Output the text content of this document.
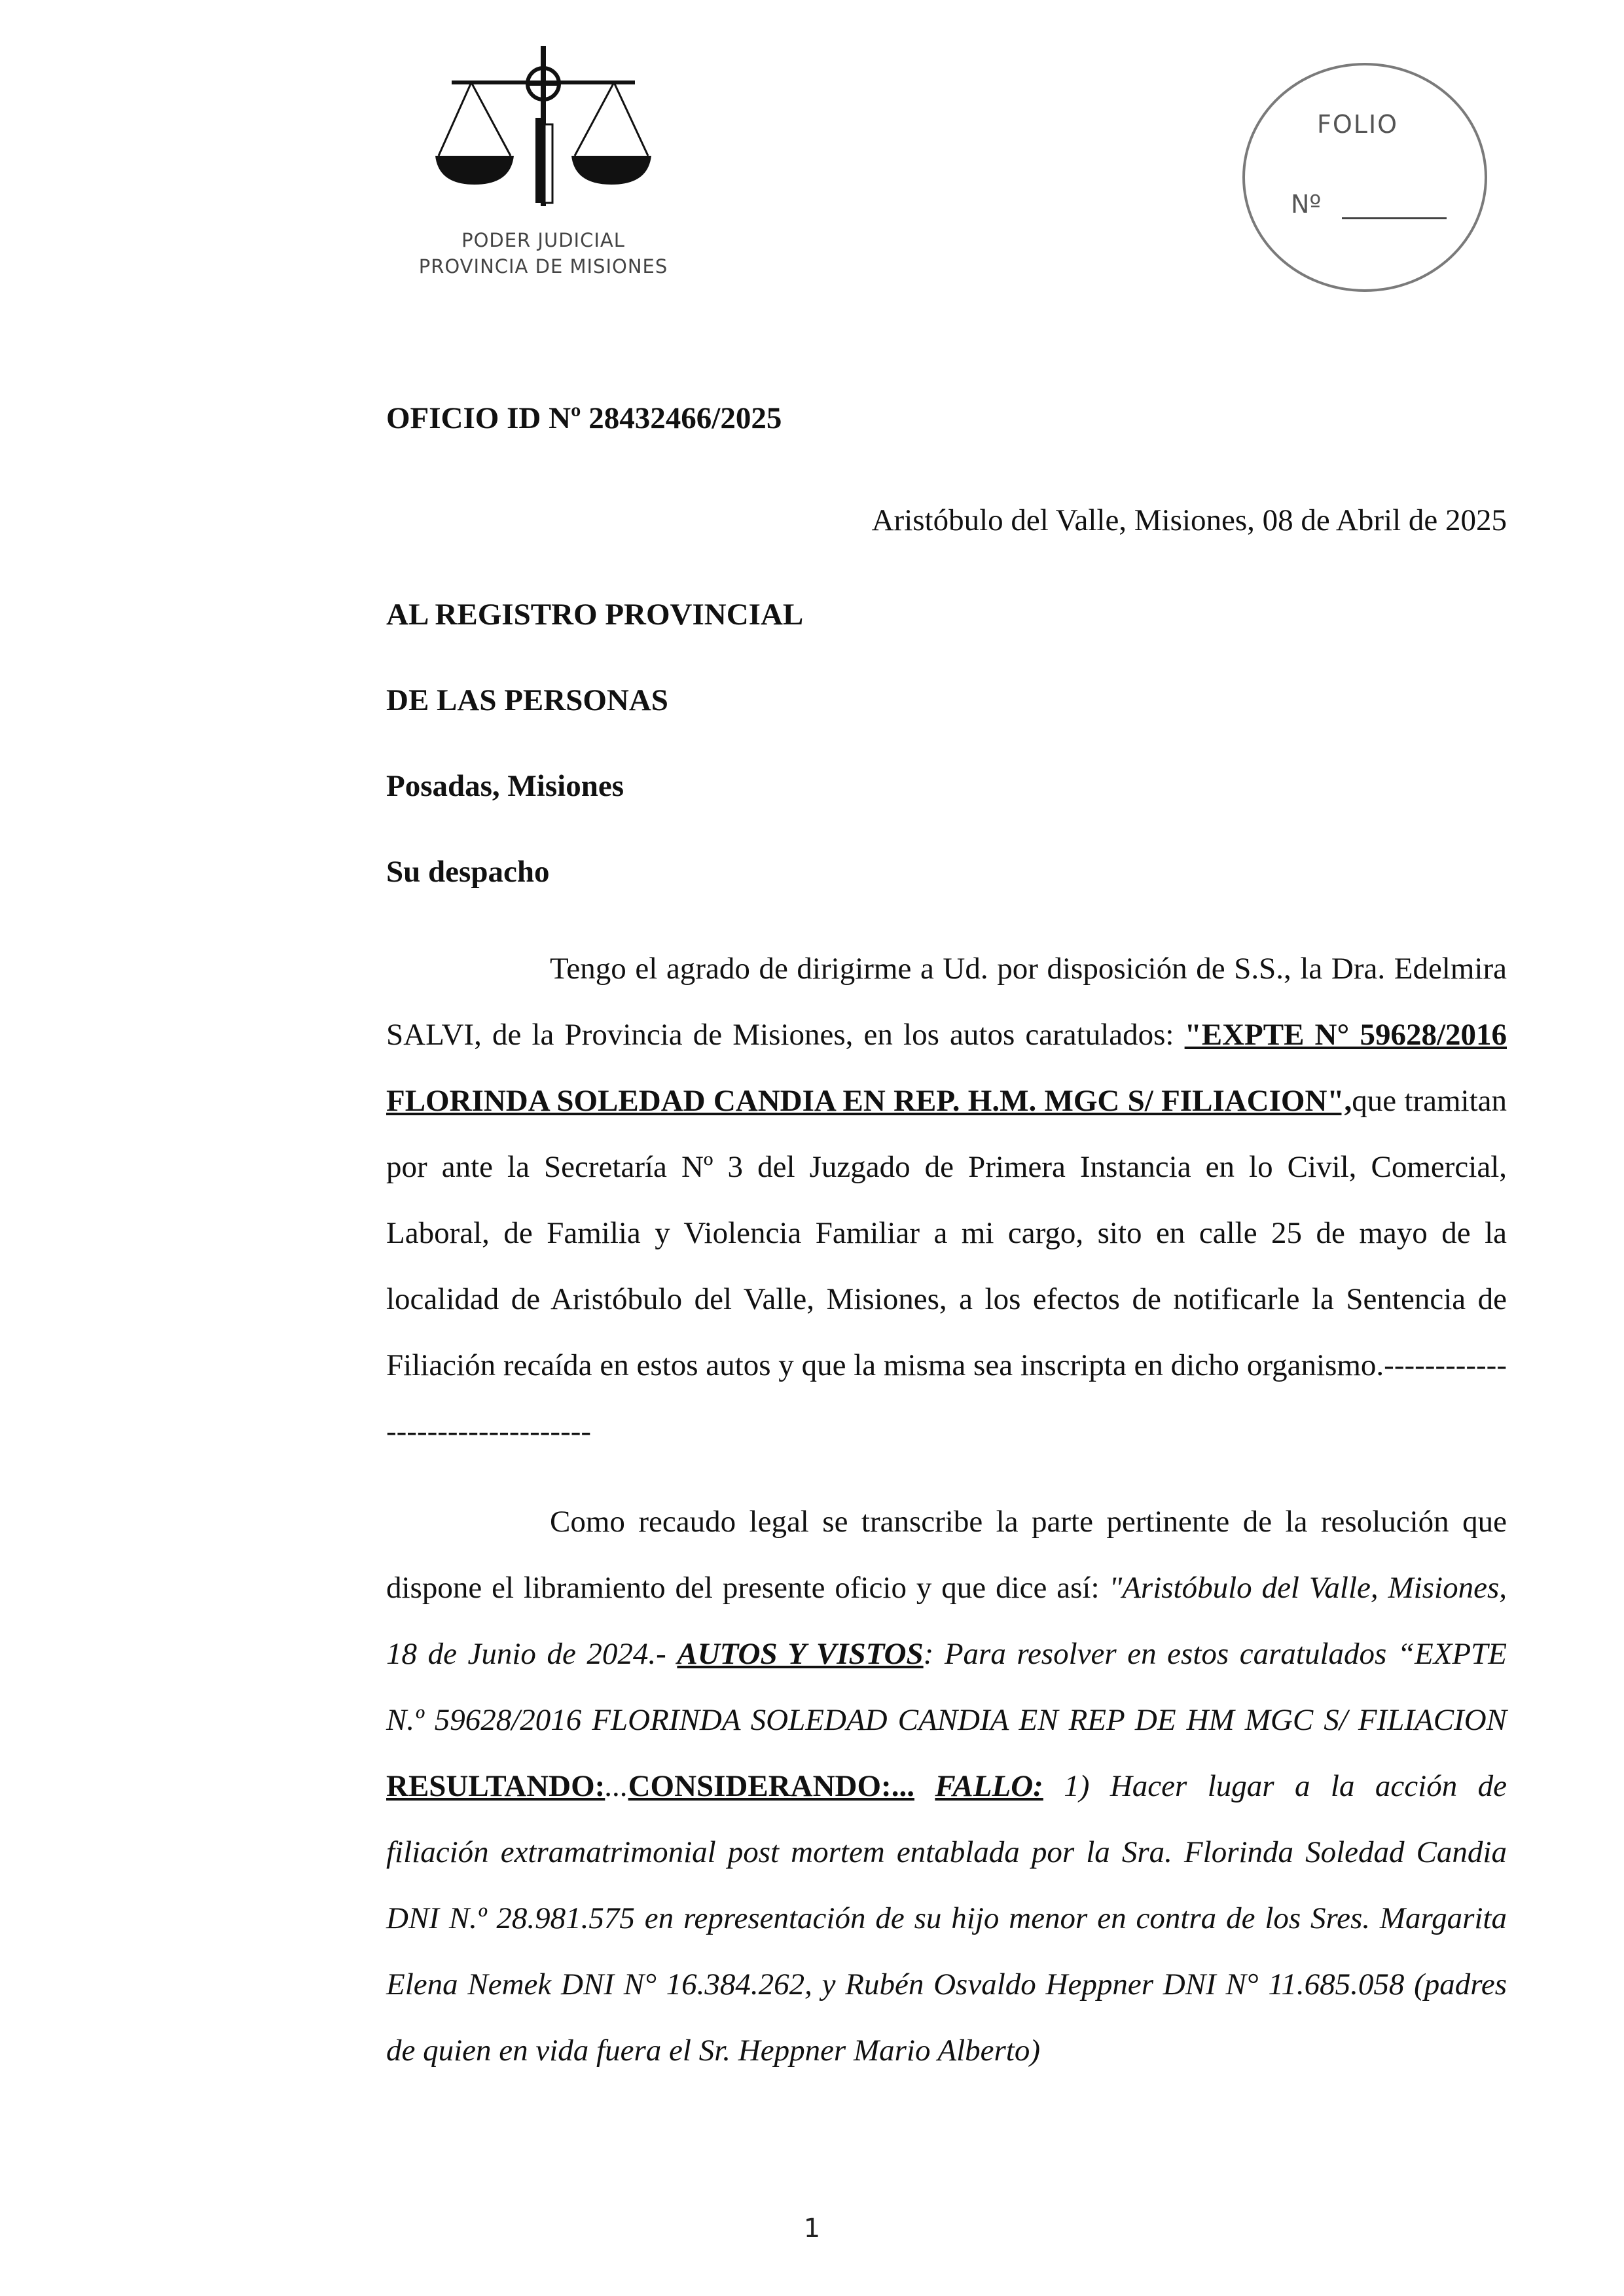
PODER JUDICIAL
PROVINCIA DE MISIONES
FOLIO
Nº
OFICIO ID Nº 28432466/2025
Aristóbulo del Valle, Misiones, 08 de Abril de 2025
AL REGISTRO PROVINCIAL
DE LAS PERSONAS
Posadas, Misiones
Su despacho
Tengo el agrado de dirigirme a Ud. por disposición de S.S., la Dra. Edelmira SALVI, de la Provincia de Misiones, en los autos caratulados: "EXPTE N° 59628/2016 FLORINDA SOLEDAD CANDIA EN REP. H.M. MGC S/ FILIACION",que tramitan por ante la Secretaría Nº 3 del Juzgado de Primera Instancia en lo Civil, Comercial, Laboral, de Familia y Violencia Familiar a mi cargo, sito en calle 25 de mayo de la localidad de Aristóbulo del Valle, Misiones, a los efectos de notificarle la Sentencia de Filiación recaída en estos autos y que la misma sea inscripta en dicho organismo.--------------------------------
Como recaudo legal se transcribe la parte pertinente de la resolución que dispone el libramiento del presente oficio y que dice así: "Aristóbulo del Valle, Misiones, 18 de Junio de 2024.- AUTOS Y VISTOS: Para resolver en estos caratulados “EXPTE N.º 59628/2016 FLORINDA SOLEDAD CANDIA EN REP DE HM MGC S/ FILIACION RESULTANDO:...CONSIDERANDO:... FALLO: 1) Hacer lugar a la acción de filiación extramatrimonial post mortem entablada por la Sra. Florinda Soledad Candia DNI N.º 28.981.575 en representación de su hijo menor en contra de los Sres. Margarita Elena Nemek DNI N° 16.384.262, y Rubén Osvaldo Heppner DNI N° 11.685.058 (padres de quien en vida fuera el Sr. Heppner Mario Alberto)
1
